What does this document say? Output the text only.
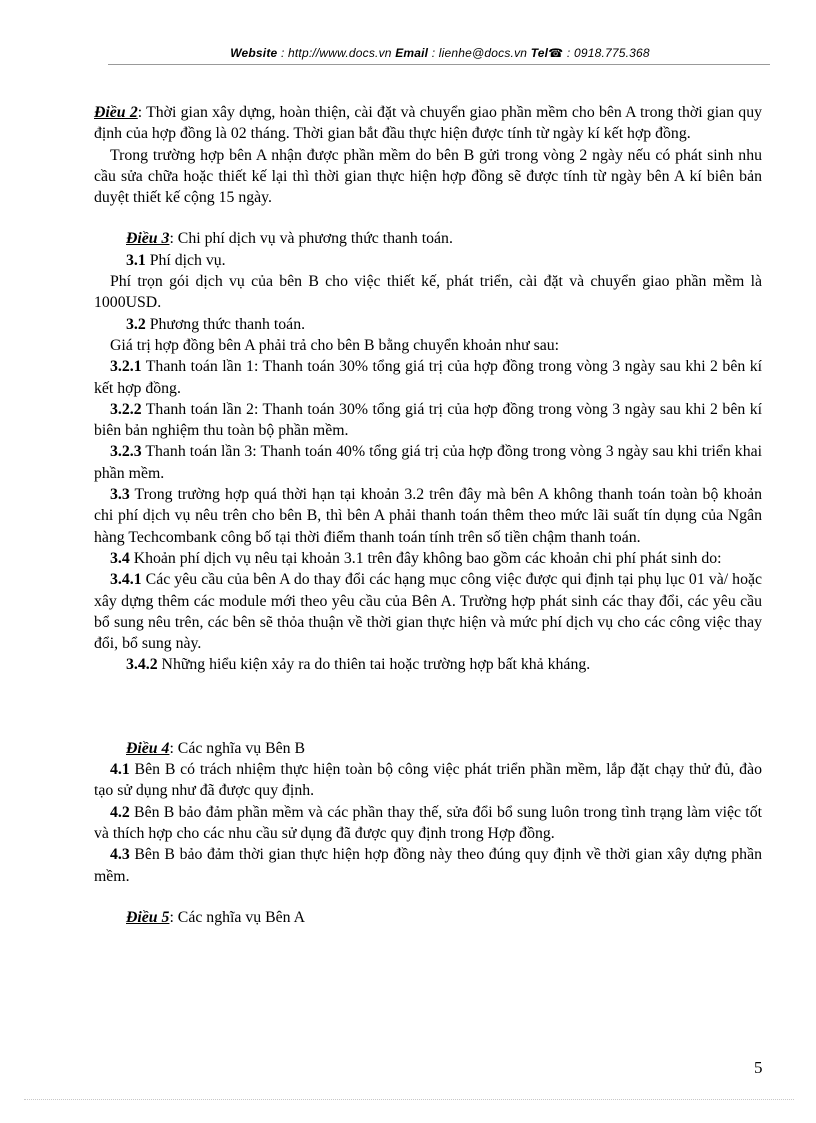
Website : http://www.docs.vn Email : lienhe@docs.vn Tel☎ : 0918.775.368

Điều 2: Thời gian xây dựng, hoàn thiện, cài đặt và chuyển giao phần mềm cho bên A trong thời gian quy định của hợp đồng là 02 tháng. Thời gian bắt đầu thực hiện được tính từ ngày kí kết hợp đồng.

Trong trường hợp bên A nhận được phần mềm do bên B gửi trong vòng 2 ngày nếu có phát sinh nhu cầu sửa chữa hoặc thiết kế lại thì thời gian thực hiện hợp đồng sẽ được tính từ ngày bên A kí biên bản duyệt thiết kế cộng 15 ngày.

Điều 3: Chi phí dịch vụ và phương thức thanh toán.

3.1 Phí dịch vụ.

Phí trọn gói dịch vụ của bên B cho việc thiết kế, phát triển, cài đặt và chuyển giao phần mềm là 1000USD.

3.2 Phương thức thanh toán.

Giá trị hợp đồng bên A phải trả cho bên B bằng chuyển khoản như sau:

3.2.1 Thanh toán lần 1: Thanh toán 30% tổng giá trị của hợp đồng trong vòng 3 ngày sau khi 2 bên kí kết hợp đồng.

3.2.2 Thanh toán lần 2: Thanh toán 30% tổng giá trị của hợp đồng trong vòng 3 ngày sau khi 2 bên kí biên bản nghiệm thu toàn bộ phần mềm.

3.2.3 Thanh toán lần 3: Thanh toán 40% tổng giá trị của hợp đồng trong vòng 3 ngày sau khi triển khai phần mềm.

3.3 Trong trường hợp quá thời hạn tại khoản 3.2 trên đây mà bên A không thanh toán toàn bộ khoản chi phí dịch vụ nêu trên cho bên B, thì bên A phải thanh toán thêm theo mức lãi suất tín dụng của Ngân hàng Techcombank công bố tại thời điểm thanh toán tính trên số tiền chậm thanh toán.

3.4 Khoản phí dịch vụ nêu tại khoản 3.1 trên đây không bao gồm các khoản chi phí phát sinh do:

3.4.1 Các yêu cầu của bên A do thay đổi các hạng mục công việc được qui định tại phụ lục 01 và/ hoặc xây dựng thêm các module mới theo yêu cầu của Bên A. Trường hợp phát sinh các thay đổi, các yêu cầu bổ sung nêu trên, các bên sẽ thỏa thuận về thời gian thực hiện và mức phí dịch vụ cho các công việc thay đổi, bổ sung này.

3.4.2 Những hiểu kiện xảy ra do thiên tai hoặc trường hợp bất khả kháng.

Điều 4: Các nghĩa vụ Bên B

4.1 Bên B có trách nhiệm thực hiện toàn bộ công việc phát triển phần mềm, lắp đặt chạy thử đủ, đào tạo sử dụng như đã được quy định.

4.2 Bên B bảo đảm phần mềm và các phần thay thế, sửa đổi bổ sung luôn trong tình trạng làm việc tốt và thích hợp cho các nhu cầu sử dụng đã được quy định trong Hợp đồng.

4.3 Bên B bảo đảm thời gian thực hiện hợp đồng này theo đúng quy định về thời gian xây dựng phần mềm.

Điều 5: Các nghĩa vụ Bên A

5
